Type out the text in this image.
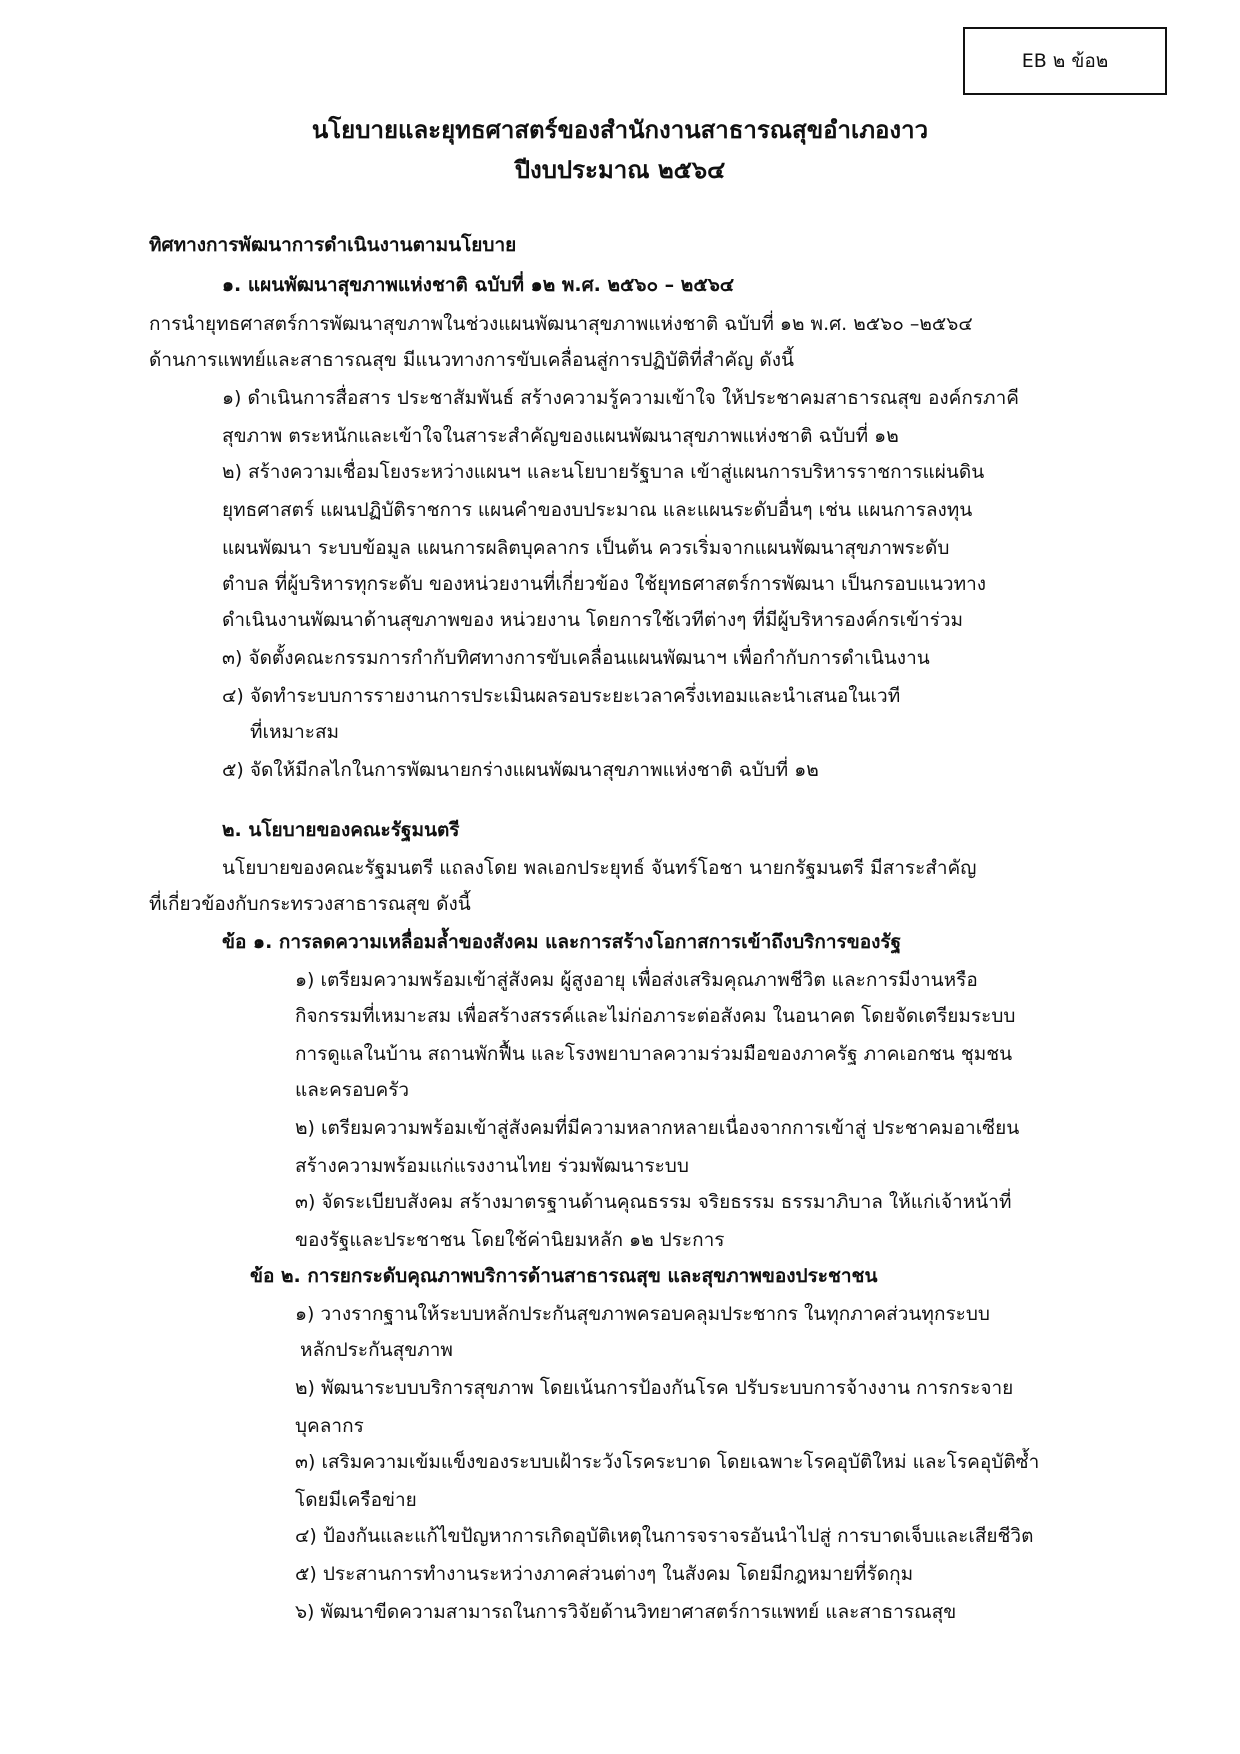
EB ๒ ข้อ๒
นโยบายและยุทธศาสตร์ของสำนักงานสาธารณสุขอำเภองาว
ปีงบประมาณ ๒๕๖๔
ทิศทางการพัฒนาการดำเนินงานตามนโยบาย
๑. แผนพัฒนาสุขภาพแห่งชาติ ฉบับที่ ๑๒ พ.ศ. ๒๕๖๐ – ๒๕๖๔
การนำยุทธศาสตร์การพัฒนาสุขภาพในช่วงแผนพัฒนาสุขภาพแห่งชาติ ฉบับที่ ๑๒ พ.ศ. ๒๕๖๐ –๒๕๖๔
ด้านการแพทย์และสาธารณสุข มีแนวทางการขับเคลื่อนสู่การปฏิบัติที่สำคัญ ดังนี้
๑) ดำเนินการสื่อสาร ประชาสัมพันธ์ สร้างความรู้ความเข้าใจ ให้ประชาคมสาธารณสุข องค์กรภาคี
สุขภาพ ตระหนักและเข้าใจในสาระสำคัญของแผนพัฒนาสุขภาพแห่งชาติ ฉบับที่ ๑๒
๒) สร้างความเชื่อมโยงระหว่างแผนฯ และนโยบายรัฐบาล เข้าสู่แผนการบริหารราชการแผ่นดิน
ยุทธศาสตร์ แผนปฏิบัติราชการ แผนคำของบประมาณ และแผนระดับอื่นๆ เช่น แผนการลงทุน
แผนพัฒนา ระบบข้อมูล แผนการผลิตบุคลากร เป็นต้น ควรเริ่มจากแผนพัฒนาสุขภาพระดับ
ตำบล ที่ผู้บริหารทุกระดับ ของหน่วยงานที่เกี่ยวข้อง ใช้ยุทธศาสตร์การพัฒนา เป็นกรอบแนวทาง
ดำเนินงานพัฒนาด้านสุขภาพของ หน่วยงาน โดยการใช้เวทีต่างๆ ที่มีผู้บริหารองค์กรเข้าร่วม
๓) จัดตั้งคณะกรรมการกำกับทิศทางการขับเคลื่อนแผนพัฒนาฯ เพื่อกำกับการดำเนินงาน
๔) จัดทำระบบการรายงานการประเมินผลรอบระยะเวลาครึ่งเทอมและนำเสนอในเวที
ที่เหมาะสม
๕) จัดให้มีกลไกในการพัฒนายกร่างแผนพัฒนาสุขภาพแห่งชาติ ฉบับที่ ๑๒
๒. นโยบายของคณะรัฐมนตรี
นโยบายของคณะรัฐมนตรี แถลงโดย พลเอกประยุทธ์ จันทร์โอชา นายกรัฐมนตรี มีสาระสำคัญ
ที่เกี่ยวข้องกับกระทรวงสาธารณสุข ดังนี้
ข้อ ๑. การลดความเหลื่อมล้ำของสังคม และการสร้างโอกาสการเข้าถึงบริการของรัฐ
๑) เตรียมความพร้อมเข้าสู่สังคม ผู้สูงอายุ เพื่อส่งเสริมคุณภาพชีวิต และการมีงานหรือ
กิจกรรมที่เหมาะสม เพื่อสร้างสรรค์และไม่ก่อภาระต่อสังคม ในอนาคต โดยจัดเตรียมระบบ
การดูแลในบ้าน สถานพักฟื้น และโรงพยาบาลความร่วมมือของภาครัฐ ภาคเอกชน ชุมชน
และครอบครัว
๒) เตรียมความพร้อมเข้าสู่สังคมที่มีความหลากหลายเนื่องจากการเข้าสู่ ประชาคมอาเซียน
สร้างความพร้อมแก่แรงงานไทย ร่วมพัฒนาระบบ
๓) จัดระเบียบสังคม สร้างมาตรฐานด้านคุณธรรม จริยธรรม ธรรมาภิบาล ให้แก่เจ้าหน้าที่
ของรัฐและประชาชน โดยใช้ค่านิยมหลัก ๑๒ ประการ
ข้อ ๒. การยกระดับคุณภาพบริการด้านสาธารณสุข และสุขภาพของประชาชน
๑) วางรากฐานให้ระบบหลักประกันสุขภาพครอบคลุมประชากร ในทุกภาคส่วนทุกระบบ
หลักประกันสุขภาพ
๒) พัฒนาระบบบริการสุขภาพ โดยเน้นการป้องกันโรค ปรับระบบการจ้างงาน การกระจาย
บุคลากร
๓) เสริมความเข้มแข็งของระบบเฝ้าระวังโรคระบาด โดยเฉพาะโรคอุบัติใหม่ และโรคอุบัติซ้ำ
โดยมีเครือข่าย
๔) ป้องกันและแก้ไขปัญหาการเกิดอุบัติเหตุในการจราจรอันนำไปสู่ การบาดเจ็บและเสียชีวิต
๕) ประสานการทำงานระหว่างภาคส่วนต่างๆ ในสังคม โดยมีกฎหมายที่รัดกุม
๖) พัฒนาขีดความสามารถในการวิจัยด้านวิทยาศาสตร์การแพทย์ และสาธารณสุข
